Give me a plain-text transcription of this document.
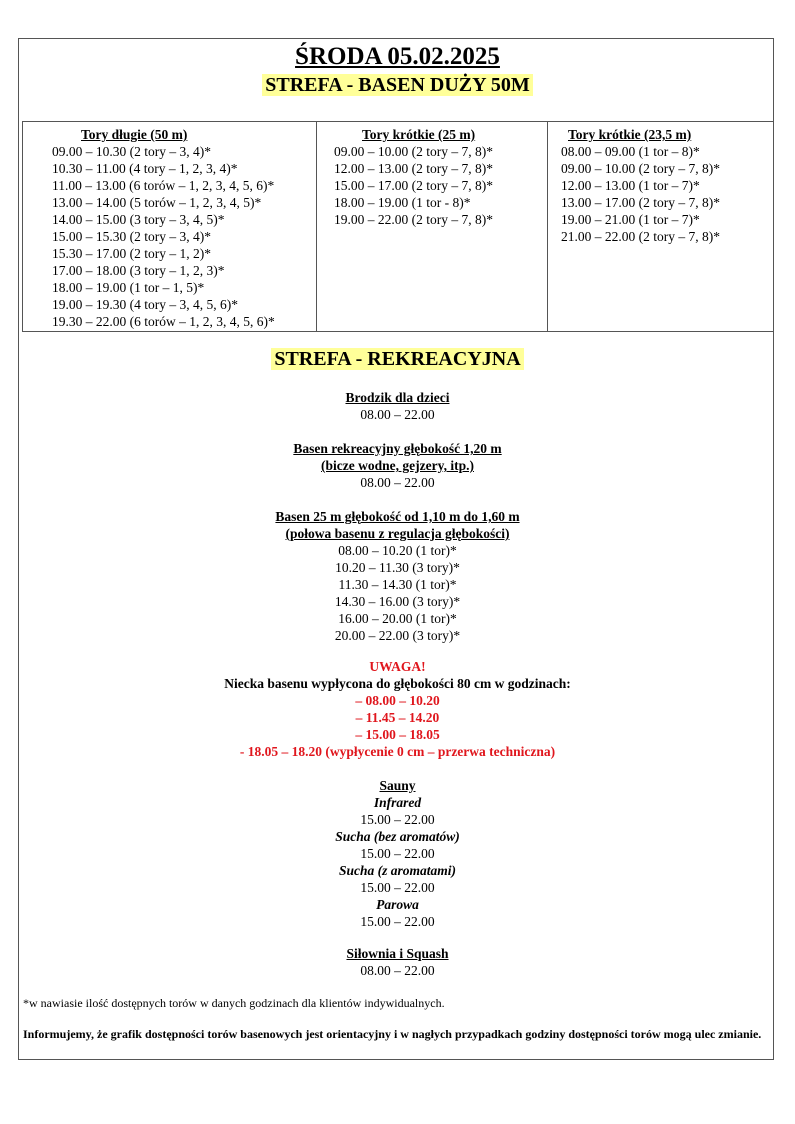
ŚRODA 05.02.2025
STREFA - BASEN DUŻY 50M
Tory długie (50 m)
09.00 – 10.30 (2 tory – 3, 4)*
10.30 – 11.00 (4 tory – 1, 2, 3, 4)*
11.00 – 13.00 (6 torów – 1, 2, 3, 4, 5, 6)*
13.00 – 14.00 (5 torów – 1, 2, 3, 4, 5)*
14.00 – 15.00 (3 tory – 3, 4, 5)*
15.00 – 15.30 (2 tory – 3, 4)*
15.30 – 17.00 (2 tory – 1, 2)*
17.00 – 18.00 (3 tory – 1, 2, 3)*
18.00 – 19.00 (1 tor – 1, 5)*
19.00 – 19.30 (4 tory – 3, 4, 5, 6)*
19.30 – 22.00 (6 torów – 1, 2, 3, 4, 5, 6)*
Tory krótkie (25 m)
09.00 – 10.00 (2 tory – 7, 8)*
12.00 – 13.00 (2 tory – 7, 8)*
15.00 – 17.00 (2 tory – 7, 8)*
18.00 – 19.00 (1 tor - 8)*
19.00 – 22.00 (2 tory – 7, 8)*
Tory krótkie (23,5 m)
08.00 – 09.00 (1 tor – 8)*
09.00 – 10.00 (2 tory – 7, 8)*
12.00 – 13.00 (1 tor – 7)*
13.00 – 17.00 (2 tory – 7, 8)*
19.00 – 21.00 (1 tor – 7)*
21.00 – 22.00 (2 tory – 7, 8)*
STREFA - REKREACYJNA
Brodzik dla dzieci
08.00 – 22.00
Basen rekreacyjny głębokość 1,20 m
(bicze wodne, gejzery, itp.)
08.00 – 22.00
Basen 25 m głębokość od 1,10 m do 1,60 m
(połowa basenu z regulacja głębokości)
08.00 – 10.20 (1 tor)*
10.20 – 11.30 (3 tory)*
11.30 – 14.30 (1 tor)*
14.30 – 16.00 (3 tory)*
16.00 – 20.00 (1 tor)*
20.00 – 22.00 (3 tory)*
UWAGA!
Niecka basenu wypłycona do głębokości 80 cm w godzinach:
– 08.00 – 10.20
– 11.45 – 14.20
– 15.00 – 18.05
- 18.05 – 18.20 (wypłycenie 0 cm – przerwa techniczna)
Sauny
Infrared
15.00 – 22.00
Sucha (bez aromatów)
15.00 – 22.00
Sucha (z aromatami)
15.00 – 22.00
Parowa
15.00 – 22.00
Siłownia i Squash
08.00 – 22.00
*w nawiasie ilość dostępnych torów w danych godzinach dla klientów indywidualnych.
Informujemy, że grafik dostępności torów basenowych jest orientacyjny i w nagłych przypadkach godziny dostępności torów mogą ulec zmianie.
